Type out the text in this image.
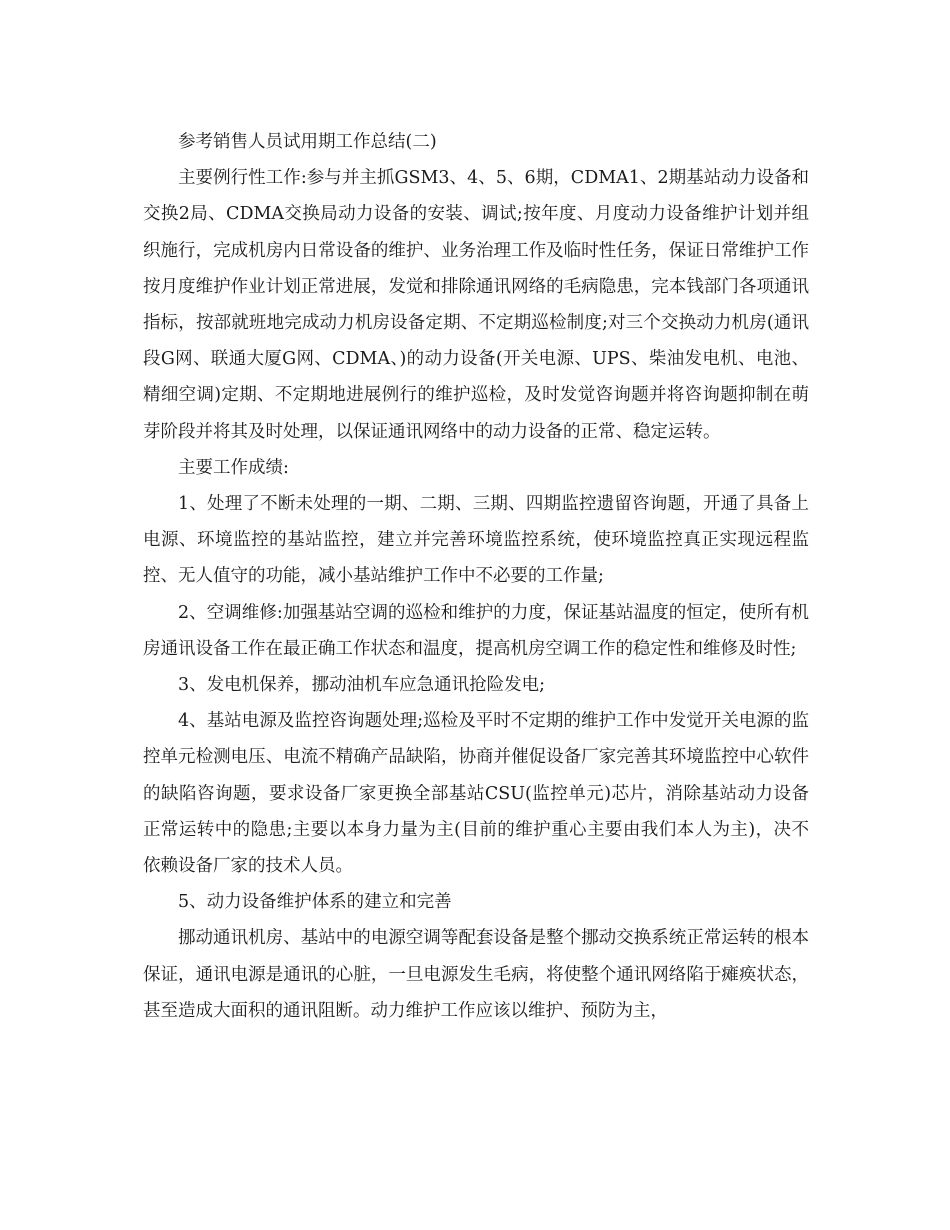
参考销售人员试用期工作总结(二)

主要例行性工作:参与并主抓GSM3、4、5、6期，CDMA1、2期基站动力设备和交换2局、CDMA交换局动力设备的安装、调试;按年度、月度动力设备维护计划并组织施行，完成机房内日常设备的维护、业务治理工作及临时性任务，保证日常维护工作按月度维护作业计划正常进展，发觉和排除通讯网络的毛病隐患，完本钱部门各项通讯指标，按部就班地完成动力机房设备定期、不定期巡检制度;对三个交换动力机房(通讯段G网、联通大厦G网、CDMA、)的动力设备(开关电源、UPS、柴油发电机、电池、精细空调)定期、不定期地进展例行的维护巡检，及时发觉咨询题并将咨询题抑制在萌芽阶段并将其及时处理，以保证通讯网络中的动力设备的正常、稳定运转。

主要工作成绩:

1、处理了不断未处理的一期、二期、三期、四期监控遗留咨询题，开通了具备上电源、环境监控的基站监控，建立并完善环境监控系统，使环境监控真正实现远程监控、无人值守的功能，减小基站维护工作中不必要的工作量;

2、空调维修:加强基站空调的巡检和维护的力度，保证基站温度的恒定，使所有机房通讯设备工作在最正确工作状态和温度，提高机房空调工作的稳定性和维修及时性;

3、发电机保养，挪动油机车应急通讯抢险发电;

4、基站电源及监控咨询题处理;巡检及平时不定期的维护工作中发觉开关电源的监控单元检测电压、电流不精确产品缺陷，协商并催促设备厂家完善其环境监控中心软件的缺陷咨询题，要求设备厂家更换全部基站CSU(监控单元)芯片，消除基站动力设备正常运转中的隐患;主要以本身力量为主(目前的维护重心主要由我们本人为主)，决不依赖设备厂家的技术人员。

5、动力设备维护体系的建立和完善

挪动通讯机房、基站中的电源空调等配套设备是整个挪动交换系统正常运转的根本保证，通讯电源是通讯的心脏，一旦电源发生毛病，将使整个通讯网络陷于瘫痪状态，甚至造成大面积的通讯阻断。动力维护工作应该以维护、预防为主，
